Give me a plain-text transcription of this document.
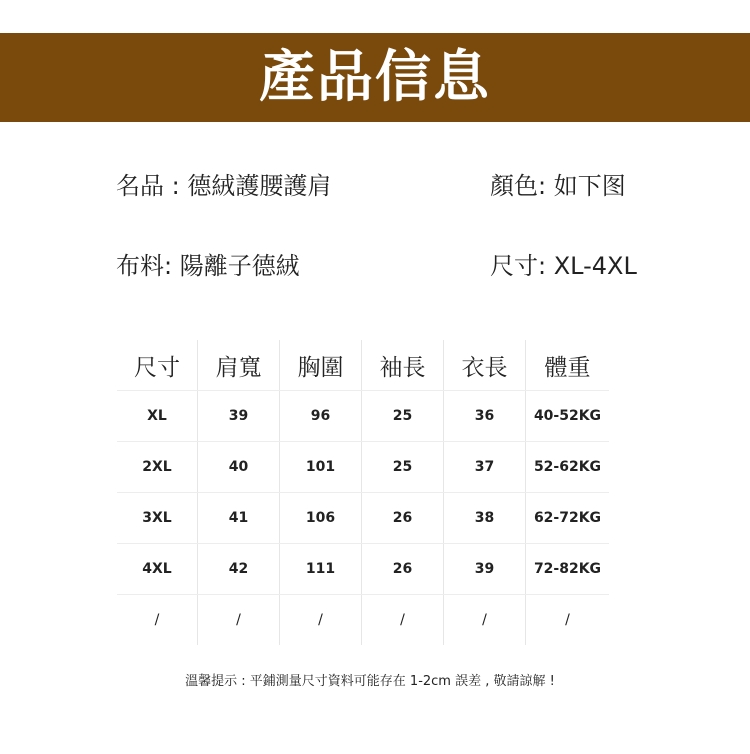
產品信息
名品 : 德絨護腰護肩	顏色: 如下图
布料: 陽離子德絨	尺寸: XL-4XL
尺寸	肩寬	胸圍	袖長	衣長	體重
XL	39	96	25	36	40-52KG
2XL	40	101	25	37	52-62KG
3XL	41	106	26	38	62-72KG
4XL	42	111	26	39	72-82KG
/	/	/	/	/	/
溫馨提示 : 平鋪測量尺寸資料可能存在 1-2cm 誤差 , 敬請諒解 !
